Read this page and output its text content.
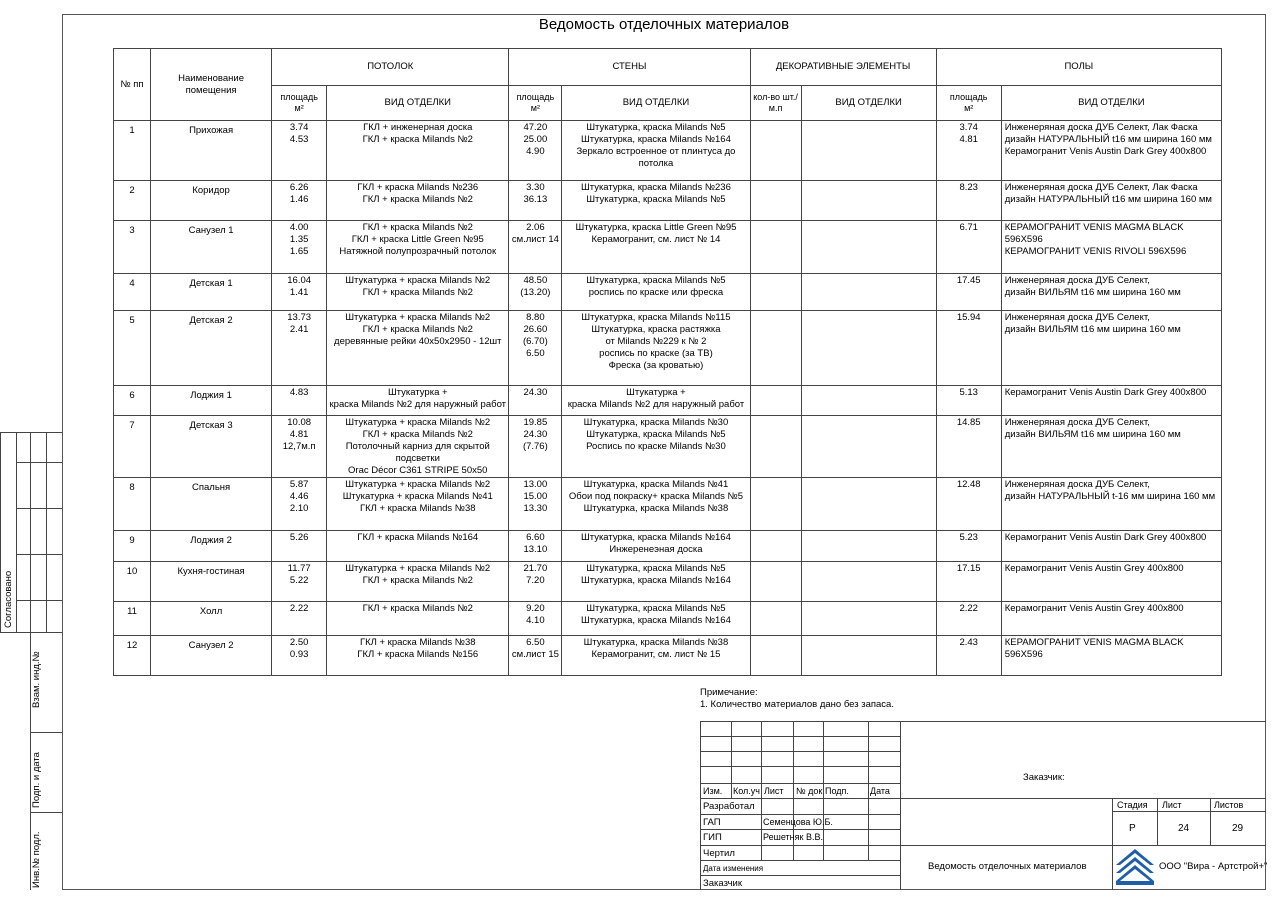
Ведомость отделочных материалов
№ пп	Наименование помещения	ПОТОЛОК		СТЕНЫ		ДЕКОРАТИВНЫЕ ЭЛЕМЕНТЫ		ПОЛЫ	

		площадь
м²	ВИД ОТДЕЛКИ	площадь
м²	ВИД ОТДЕЛКИ	кол-во шт./м.п	ВИД ОТДЕЛКИ	площадь
м²	ВИД ОТДЕЛКИ
1	Прихожая	3.74
4.53	ГКЛ + инженерная доска
ГКЛ + краска Milands №2	47.20
25.00
4.90	Штукатурка, краска Milands №5
Штукатурка, краска Milands №164
Зеркало встроенное от плинтуса до потолка			3.74
4.81	Инженеряная доска ДУБ Селект, Лак Фаска
дизайн НАТУРАЛЬНЫЙ t16 мм ширина 160 мм
Керамогранит Venis Austin Dark Grey 400x800

2	Коридор	6.26
1.46	ГКЛ + краска Milands №236
ГКЛ + краска Milands №2	3.30
36.13	Штукатурка, краска Milands №236
Штукатурка, краска Milands №5			8.23	Инженеряная доска ДУБ Селект, Лак Фаска
дизайн НАТУРАЛЬНЫЙ t16 мм ширина 160 мм

3	Санузел 1	4.00
1.35
1.65	ГКЛ + краска Milands №2
ГКЛ + краска Little Green №95
Натяжной полупрозрачный потолок	2.06
см.лист 14	Штукатурка, краска Little Green №95
Керамогранит, см. лист № 14			6.71	КЕРАМОГРАНИТ VENIS MAGMA BLACK
596Х596
КЕРАМОГРАНИТ VENIS RIVOLI 596Х596

4	Детская 1	16.04
1.41	Штукатурка + краска Milands №2
ГКЛ + краска Milands №2	48.50
(13.20)	Штукатурка, краска Milands №5
роспись по краске или фреска			17.45	Инженеряная доска ДУБ Селект,
дизайн ВИЛЬЯМ t16 мм ширина 160 мм

5	Детская 2	13.73
2.41	Штукатурка + краска Milands №2
ГКЛ + краска Milands №2
деревянные рейки 40х50х2950 - 12шт	8.80
26.60
(6.70)
6.50	Штукатурка, краска Milands №115
Штукатурка, краска растяжка
от Milands №229 к № 2
роспись по краске (за ТВ)
Фреска (за кроватью)			15.94	Инженеряная доска ДУБ Селект,
дизайн ВИЛЬЯМ t16 мм ширина 160 мм

6	Лоджия 1	4.83	Штукатурка +
краска Milands №2 для наружный работ	24.30	Штукатурка +
краска Milands №2 для наружный работ			5.13	Керамогранит Venis Austin Dark Grey 400x800

7	Детская 3	10.08
4.81
12,7м.п	Штукатурка + краска Milands №2
ГКЛ + краска Milands №2
Потолочный карниз для скрытой подсветки
Orac Décor C361 STRIPE 50x50	19.85
24.30
(7.76)	Штукатурка, краска Milands №30
Штукатурка, краска Milands №5
Роспись по краске Milands №30			14.85	Инженеряная доска ДУБ Селект,
дизайн ВИЛЬЯМ t16 мм ширина 160 мм

8	Спальня	5.87
4.46
2.10	Штукатурка + краска Milands №2
Штукатурка + краска Milands №41
ГКЛ + краска Milands №38	13.00
15.00
13.30	Штукатурка, краска Milands №41
Обои под покраску+ краска Milands №5
Штукатурка, краска Milands №38			12.48	Инженеряная доска ДУБ Селект,
дизайн НАТУРАЛЬНЫЙ t-16 мм ширина 160 мм

9	Лоджия 2	5.26	ГКЛ + краска Milands №164	6.60
13.10	Штукатурка, краска Milands №164
Инжеренеэная доска			5.23	Керамогранит Venis Austin Dark Grey 400x800

10	Кухня-гостиная	11.77
5.22	Штукатурка + краска Milands №2
ГКЛ + краска Milands №2	21.70
7.20	Штукатурка, краска Milands №5
Штукатурка, краска Milands №164			17.15	Керамогранит Venis Austin Grey 400x800

11	Холл	2.22	ГКЛ + краска Milands №2	9.20
4.10	Штукатурка, краска Milands №5
Штукатурка, краска Milands №164			2.22	Керамогранит Venis Austin Grey 400x800

12	Санузел 2	2.50
0.93	ГКЛ + краска Milands №38
ГКЛ + краска Milands №156	6.50
см.лист 15	Штукатурка, краска Milands №38
Керамогранит, см. лист № 15			2.43	КЕРАМОГРАНИТ VENIS MAGMA BLACK
596Х596
Примечание:
1. Количество материалов дано без запаса.
Изм. Кол.уч Лист № док Подп. Дата
Разработал
ГАП	Семенцова Ю.Б.
ГИП	Решетняк В.В.
Чертил
Дата изменения
Заказчик
Заказчик:
Стадия Лист	Листов
Р	24	29
Ведомость отделочных материалов	ООО "Вира - Артстрой+"
Согласовано
Взам. инд.№
Подп. и дата
Инв.№ подл.
